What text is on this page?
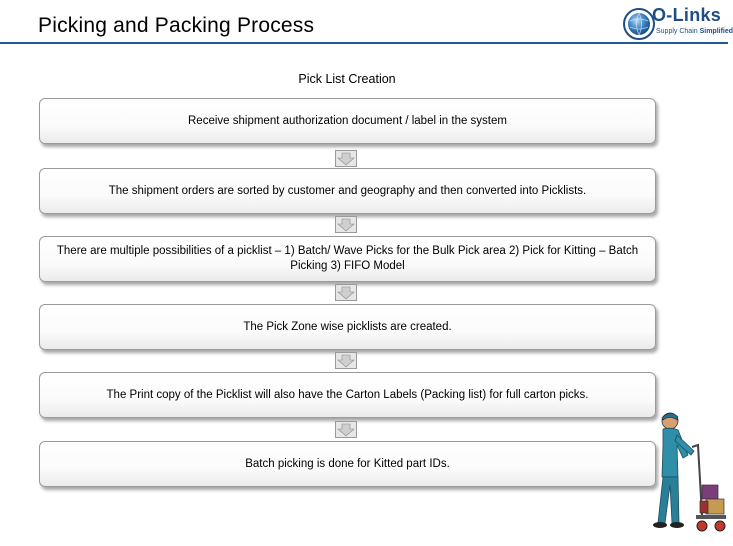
Picking and Packing Process	O-Links
Supply Chain Simplified
Pick List Creation
Receive shipment authorization document / label in the system
The shipment orders are sorted by customer and geography and then converted into Picklists.
There are multiple possibilities of a picklist – 1) Batch/ Wave Picks for the Bulk Pick area 2) Pick for Kitting – Batch Picking 3) FIFO Model
The Pick Zone wise picklists are created.
The Print copy of the Picklist will also have the Carton Labels (Packing list) for full carton picks.
Batch picking is done for Kitted part IDs.
